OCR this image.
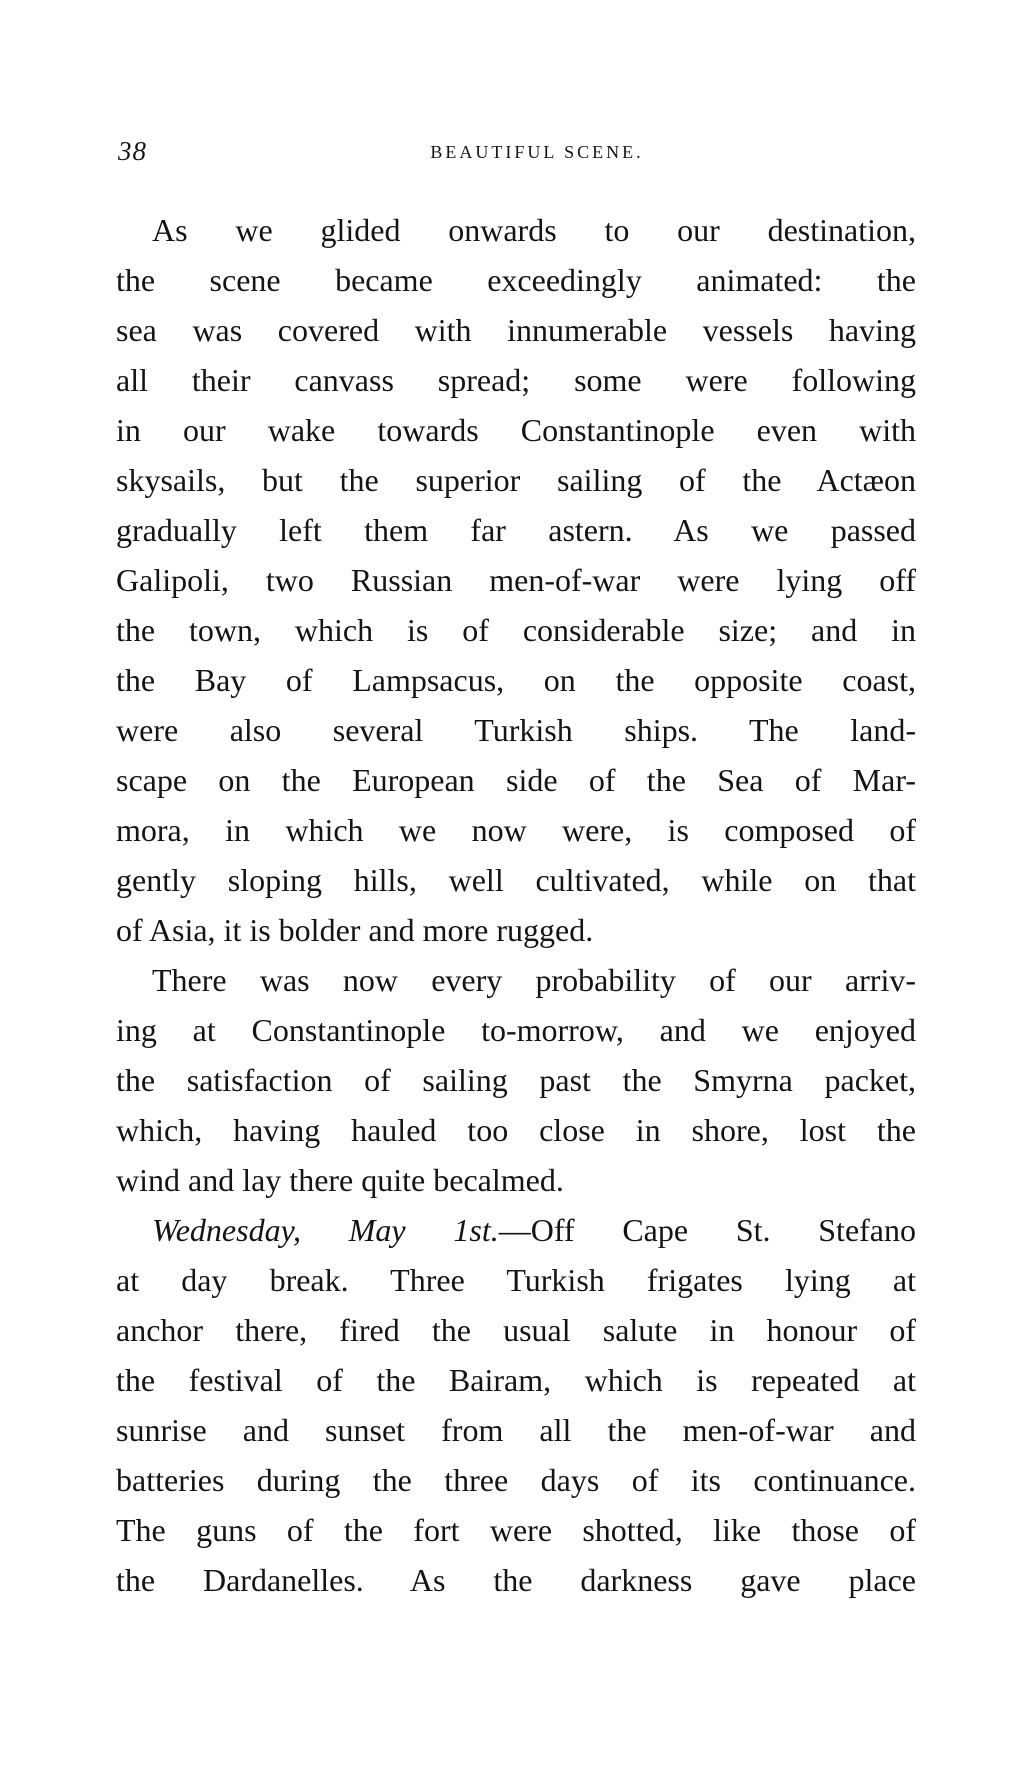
38	BEAUTIFUL SCENE.

As we glided onwards to our destination,
the scene became exceedingly animated: the
sea was covered with innumerable vessels having
all their canvass spread; some were following
in our wake towards Constantinople even with
skysails, but the superior sailing of the Actæon
gradually left them far astern. As we passed
Galipoli, two Russian men-of-war were lying off
the town, which is of considerable size; and in
the Bay of Lampsacus, on the opposite coast,
were also several Turkish ships. The land-
scape on the European side of the Sea of Mar-
mora, in which we now were, is composed of
gently sloping hills, well cultivated, while on that
of Asia, it is bolder and more rugged.

There was now every probability of our arriv-
ing at Constantinople to-morrow, and we enjoyed
the satisfaction of sailing past the Smyrna packet,
which, having hauled too close in shore, lost the
wind and lay there quite becalmed.

Wednesday, May 1st.—Off Cape St. Stefano
at day break. Three Turkish frigates lying at
anchor there, fired the usual salute in honour of
the festival of the Bairam, which is repeated at
sunrise and sunset from all the men-of-war and
batteries during the three days of its continuance.
The guns of the fort were shotted, like those of
the Dardanelles. As the darkness gave place
